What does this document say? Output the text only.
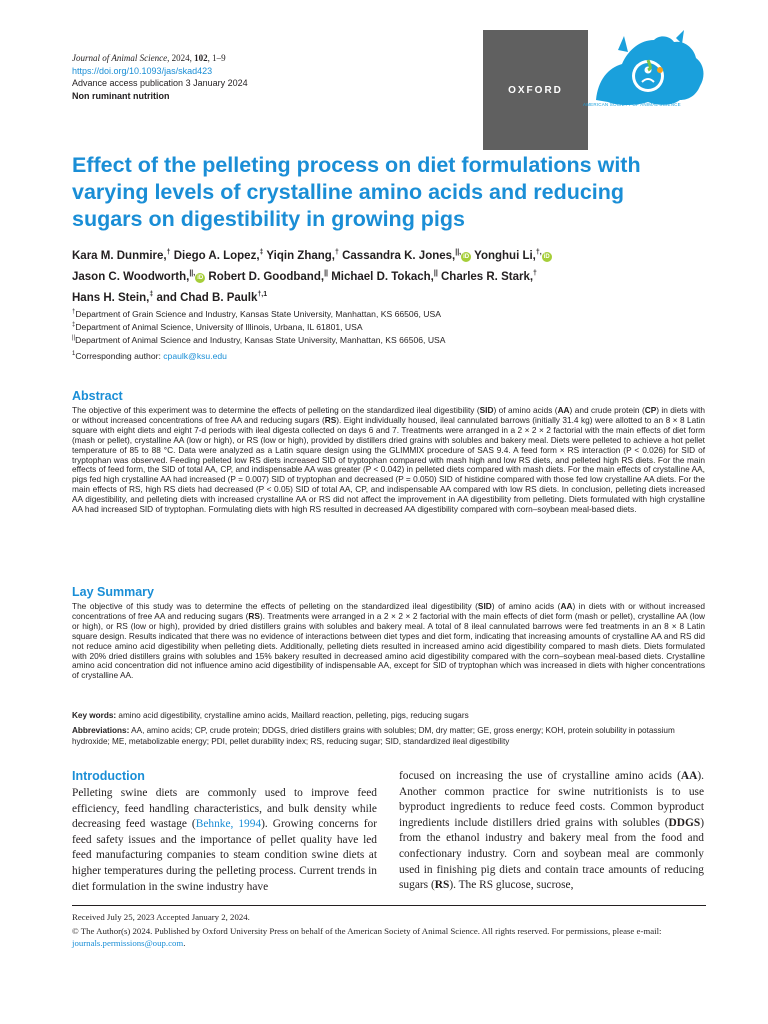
Journal of Animal Science, 2024, 102, 1–9
https://doi.org/10.1093/jas/skad423
Advance access publication 3 January 2024
Non ruminant nutrition
OXFORD
AMERICAN SOCIETY OF ANIMAL SCIENCE
Effect of the pelleting process on diet formulations with varying levels of crystalline amino acids and reducing sugars on digestibility in growing pigs
Kara M. Dunmire,† Diego A. Lopez,‡ Yiqin Zhang,† Cassandra K. Jones,||,iD Yonghui Li,†,iD
Jason C. Woodworth,||,iD Robert D. Goodband,|| Michael D. Tokach,|| Charles R. Stark,†
Hans H. Stein,‡ and Chad B. Paulk$^{\dagger,1}$
†Department of Grain Science and Industry, Kansas State University, Manhattan, KS 66506, USA
‡Department of Animal Science, University of Illinois, Urbana, IL 61801, USA
||Department of Animal Science and Industry, Kansas State University, Manhattan, KS 66506, USA
$^1$Corresponding author: cpaulk@ksu.edu
Abstract

The objective of this experiment was to determine the effects of pelleting on the standardized ileal digestibility (SID) of amino acids (AA) and crude protein (CP) in diets with or without increased concentrations of free AA and reducing sugars (RS). Eight individually housed, ileal cannulated barrows (initially 31.4 kg) were allotted to an 8 × 8 Latin square with eight diets and eight 7-d periods with ileal digesta collected on days 6 and 7. Treatments were arranged in a 2 × 2 × 2 factorial with the main effects of diet form (mash or pellet), crystalline AA (low or high), or RS (low or high), provided by distillers dried grains with solubles and bakery meal. Diets were pelleted to achieve a hot pellet temperature of 85 to 88 °C. Data were analyzed as a Latin square design using the GLIMMIX procedure of SAS 9.4. A feed form × RS interaction (P < 0.026) for SID of tryptophan was observed. Feeding pelleted low RS diets increased SID of tryptophan compared with mash high and low RS diets, and pelleted high RS diets. For the main effects of feed form, the SID of total AA, CP, and indispensable AA was greater (P < 0.042) in pelleted diets compared with mash diets. For the main effects of crystalline AA, pigs fed high crystalline AA had increased (P = 0.007) SID of tryptophan and decreased (P = 0.050) SID of histidine compared with those fed low crystalline AA diets. For the main effects of RS, high RS diets had decreased (P < 0.05) SID of total AA, CP, and indispensable AA compared with low RS diets. In conclusion, pelleting diets increased AA digestibility, and pelleting diets with increased crystalline AA or RS did not affect the improvement in AA digestibility from pelleting. Diets formulated with high crystalline AA had increased SID of tryptophan. Formulating diets with high RS resulted in decreased AA digestibility compared with corn–soybean meal-based diets.

Lay Summary

The objective of this study was to determine the effects of pelleting on the standardized ileal digestibility (SID) of amino acids (AA) in diets with or without increased concentrations of free AA and reducing sugars (RS). Treatments were arranged in a 2 × 2 × 2 factorial with the main effects of diet form (mash or pellet), crystalline AA (low or high), or RS (low or high), provided by dried distillers grains with solubles and bakery meal. A total of 8 ileal cannulated barrows were fed treatments in an 8 × 8 Latin square design. Results indicated that there was no evidence of interactions between diet types and diet form, indicating that increasing amounts of crystalline AA and RS did not reduce amino acid digestibility when pelleting diets. Additionally, pelleting diets resulted in increased amino acid digestibility compared to mash diets. Diets formulated with 20% dried distillers grains with solubles and 15% bakery resulted in decreased amino acid digestibility compared with the corn–soybean meal-based diets. Crystalline amino acid concentration did not influence amino acid digestibility of indispensable AA, except for SID of tryptophan which was increased in diets with higher concentrations of crystalline AA.

Key words: amino acid digestibility, crystalline amino acids, Maillard reaction, pelleting, pigs, reducing sugars
Abbreviations: AA, amino acids; CP, crude protein; DDGS, dried distillers grains with solubles; DM, dry matter; GE, gross energy; KOH, protein solubility in potassium hydroxide; ME, metabolizable energy; PDI, pellet durability index; RS, reducing sugar; SID, standardized ileal digestibility
Introduction

Pelleting swine diets are commonly used to improve feed efficiency, feed handling characteristics, and bulk density while decreasing feed wastage (Behnke, 1994). Growing concerns for feed safety issues and the importance of pellet quality have led feed manufacturing companies to steam condition swine diets at higher temperatures during the pelleting process. Current trends in diet formulation in the swine industry have

focused on increasing the use of crystalline amino acids (AA). Another common practice for swine nutritionists is to use byproduct ingredients to reduce feed costs. Common byproduct ingredients include distillers dried grains with solubles (DDGS) from the ethanol industry and bakery meal from the food and confectionary industry. Corn and soybean meal are commonly used in finishing pig diets and contain trace amounts of reducing sugars (RS). The RS glucose, sucrose,

Received July 25, 2023 Accepted January 2, 2024.
© The Author(s) 2024. Published by Oxford University Press on behalf of the American Society of Animal Science. All rights reserved. For permissions, please e-mail: journals.permissions@oup.com.
